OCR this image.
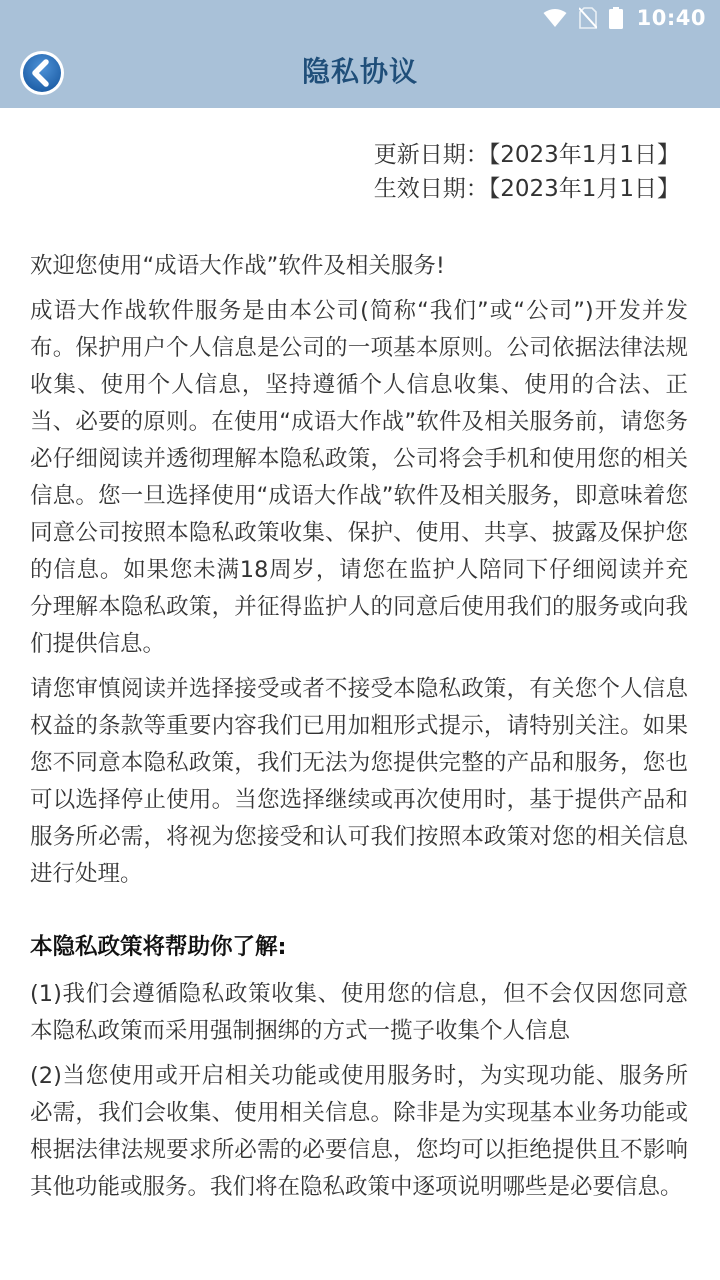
10:40
隐私协议
更新日期：【2023年1月1日】
生效日期：【2023年1月1日】

欢迎您使用“成语大作战”软件及相关服务!

成语大作战软件服务是由本公司(简称“我们”或“公司”)开发并发布。保护用户个人信息是公司的一项基本原则。公司依据法律法规收集、使用个人信息，坚持遵循个人信息收集、使用的合法、正当、必要的原则。在使用“成语大作战”软件及相关服务前，请您务必仔细阅读并透彻理解本隐私政策，公司将会手机和使用您的相关信息。您一旦选择使用“成语大作战”软件及相关服务，即意味着您同意公司按照本隐私政策收集、保护、使用、共享、披露及保护您的信息。如果您未满18周岁，请您在监护人陪同下仔细阅读并充分理解本隐私政策，并征得监护人的同意后使用我们的服务或向我们提供信息。

请您审慎阅读并选择接受或者不接受本隐私政策，有关您个人信息权益的条款等重要内容我们已用加粗形式提示，请特别关注。如果您不同意本隐私政策，我们无法为您提供完整的产品和服务，您也可以选择停止使用。当您选择继续或再次使用时，基于提供产品和服务所必需，将视为您接受和认可我们按照本政策对您的相关信息进行处理。

本隐私政策将帮助你了解:

(1)我们会遵循隐私政策收集、使用您的信息，但不会仅因您同意本隐私政策而采用强制捆绑的方式一揽子收集个人信息

(2)当您使用或开启相关功能或使用服务时，为实现功能、服务所必需，我们会收集、使用相关信息。除非是为实现基本业务功能或根据法律法规要求所必需的必要信息，您均可以拒绝提供且不影响其他功能或服务。我们将在隐私政策中逐项说明哪些是必要信息。
